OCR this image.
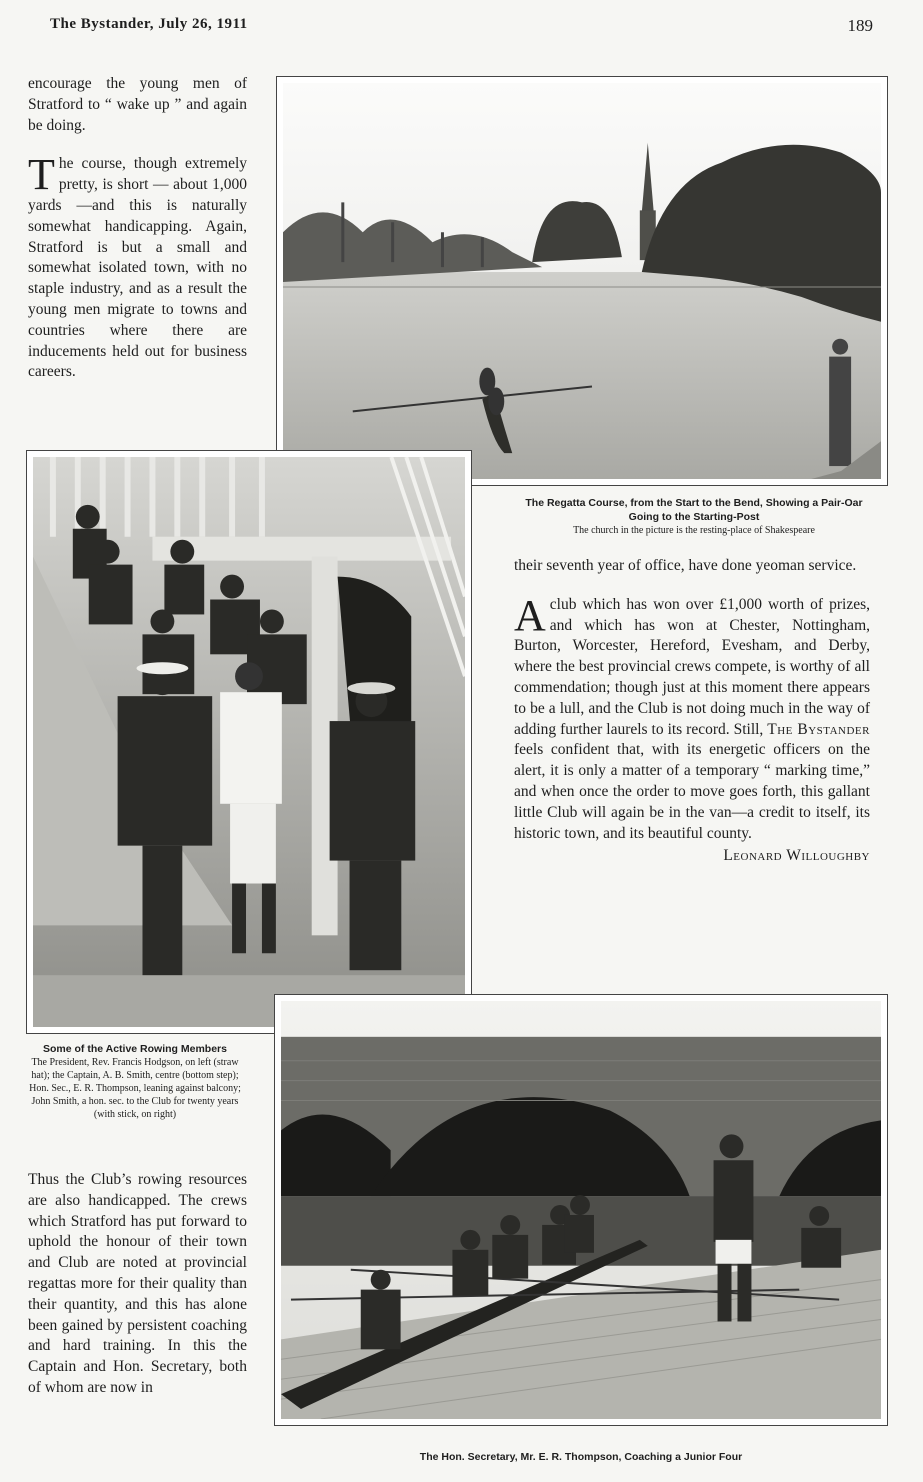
The Bystander, July 26, 1911	189

encourage the young men of Stratford to “ wake up ” and again be doing.

The course, though extremely pretty, is short — about 1,000 yards —and this is naturally somewhat handicapping. Again, Stratford is but a small and somewhat isolated town, with no staple industry, and as a result the young men migrate to towns and countries where there are inducements held out for business careers.

The Regatta Course, from the Start to the Bend, Showing a Pair-Oar Going to the Starting-Post
The church in the picture is the resting-place of Shakespeare
Some of the Active Rowing Members
The President, Rev. Francis Hodgson, on left (straw hat); the Captain, A. B. Smith, centre (bottom step); Hon. Sec., E. R. Thompson, leaning against balcony; John Smith, a hon. sec. to the Club for twenty years (with stick, on right)

their seventh year of office, have done yeoman service.

A club which has won over £1,000 worth of prizes, and which has won at Chester, Nottingham, Burton, Worcester, Hereford, Evesham, and Derby, where the best provincial crews compete, is worthy of all commendation; though just at this moment there appears to be a lull, and the Club is not doing much in the way of adding further laurels to its record. Still, The Bystander feels confident that, with its energetic officers on the alert, it is only a matter of a temporary “ marking time,” and when once the order to move goes forth, this gallant little Club will again be in the van—a credit to itself, its historic town, and its beautiful county.

Leonard Willoughby
The Hon. Secretary, Mr. E. R. Thompson, Coaching a Junior Four

Thus the Club’s rowing resources are also handicapped. The crews which Stratford has put forward to uphold the honour of their town and Club are noted at provincial regattas more for their quality than their quantity, and this has alone been gained by persistent coaching and hard training. In this the Captain and Hon. Secretary, both of whom are now in
